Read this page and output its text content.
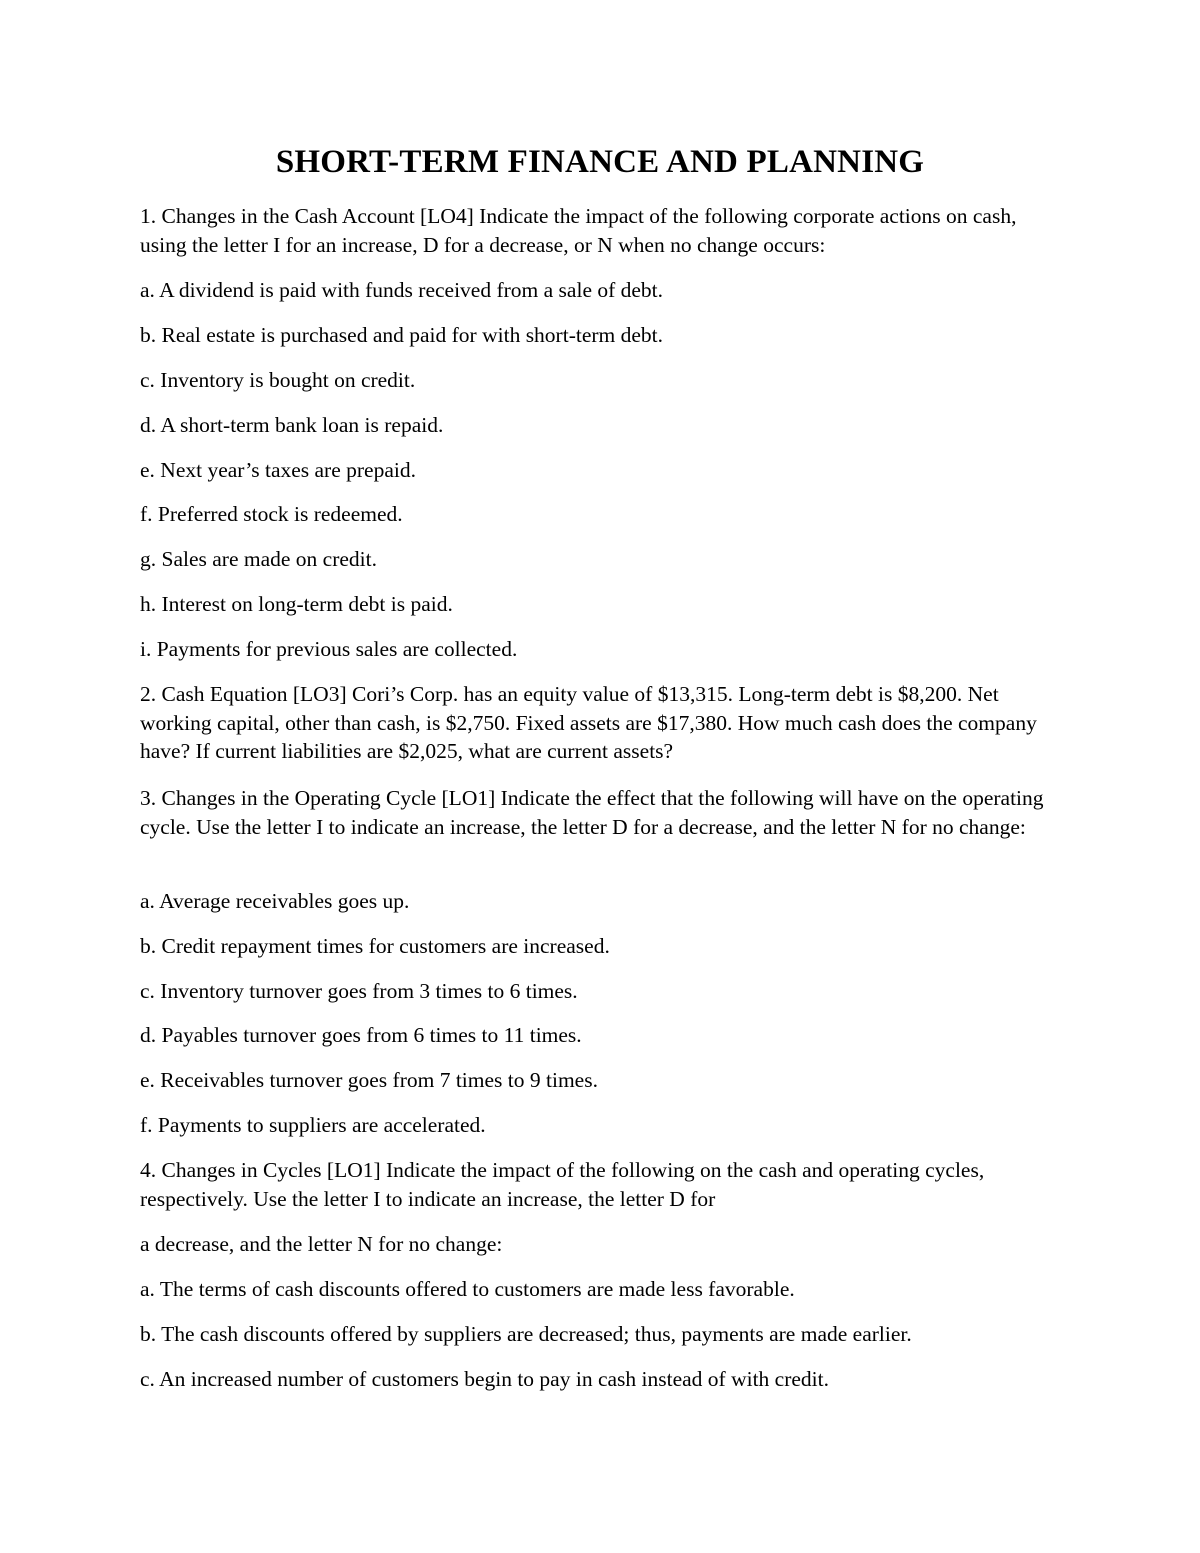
SHORT-TERM FINANCE AND PLANNING

1. Changes in the Cash Account [LO4] Indicate the impact of the following corporate actions on cash, using the letter I for an increase, D for a decrease, or N when no change occurs:

a. A dividend is paid with funds received from a sale of debt.

b. Real estate is purchased and paid for with short-term debt.

c. Inventory is bought on credit.

d. A short-term bank loan is repaid.

e. Next year’s taxes are prepaid.

f. Preferred stock is redeemed.

g. Sales are made on credit.

h. Interest on long-term debt is paid.

i. Payments for previous sales are collected.

2. Cash Equation [LO3] Cori’s Corp. has an equity value of $13,315. Long-term debt is $8,200. Net working capital, other than cash, is $2,750. Fixed assets are $17,380. How much cash does the company have? If current liabilities are $2,025, what are current assets?

3. Changes in the Operating Cycle [LO1] Indicate the effect that the following will have on the operating cycle. Use the letter I to indicate an increase, the letter D for a decrease, and the letter N for no change:

a. Average receivables goes up.

b. Credit repayment times for customers are increased.

c. Inventory turnover goes from 3 times to 6 times.

d. Payables turnover goes from 6 times to 11 times.

e. Receivables turnover goes from 7 times to 9 times.

f. Payments to suppliers are accelerated.

4. Changes in Cycles [LO1] Indicate the impact of the following on the cash and operating cycles, respectively. Use the letter I to indicate an increase, the letter D for

a decrease, and the letter N for no change:

a. The terms of cash discounts offered to customers are made less favorable.

b. The cash discounts offered by suppliers are decreased; thus, payments are made earlier.

c. An increased number of customers begin to pay in cash instead of with credit.
